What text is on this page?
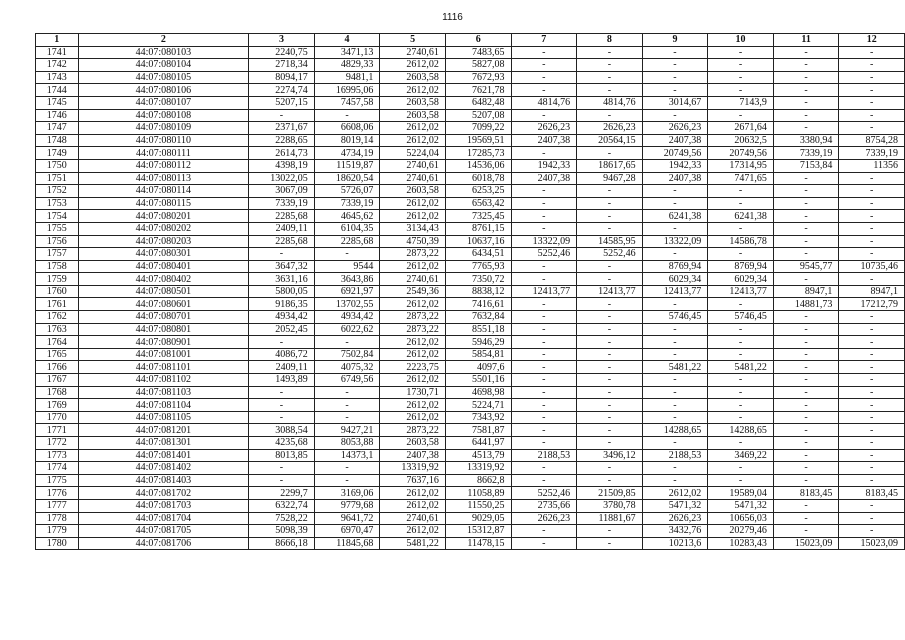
1116
1	2	3	4	5	6	7	8	9	10	11	12
1741	44:07:080103	2240,75	3471,13	2740,61	7483,65	-	-	-	-	-	-
1742	44:07:080104	2718,34	4829,33	2612,02	5827,08	-	-	-	-	-	-
1743	44:07:080105	8094,17	9481,1	2603,58	7672,93	-	-	-	-	-	-
1744	44:07:080106	2274,74	16995,06	2612,02	7621,78	-	-	-	-	-	-
1745	44:07:080107	5207,15	7457,58	2603,58	6482,48	4814,76	4814,76	3014,67	7143,9	-	-
1746	44:07:080108	-	-	2603,58	5207,08	-	-	-	-	-	-
1747	44:07:080109	2371,67	6608,06	2612,02	7099,22	2626,23	2626,23	2626,23	2671,64	-	-
1748	44:07:080110	2288,65	8019,14	2612,02	19569,51	2407,38	20564,15	2407,38	20632,5	3380,94	8754,28
1749	44:07:080111	2614,73	4734,19	5224,04	17285,73	-	-	20749,56	20749,56	7339,19	7339,19
1750	44:07:080112	4398,19	11519,87	2740,61	14536,06	1942,33	18617,65	1942,33	17314,95	7153,84	11356
1751	44:07:080113	13022,05	18620,54	2740,61	6018,78	2407,38	9467,28	2407,38	7471,65	-	-
1752	44:07:080114	3067,09	5726,07	2603,58	6253,25	-	-	-	-	-	-
1753	44:07:080115	7339,19	7339,19	2612,02	6563,42	-	-	-	-	-	-
1754	44:07:080201	2285,68	4645,62	2612,02	7325,45	-	-	6241,38	6241,38	-	-
1755	44:07:080202	2409,11	6104,35	3134,43	8761,15	-	-	-	-	-	-
1756	44:07:080203	2285,68	2285,68	4750,39	10637,16	13322,09	14585,95	13322,09	14586,78	-	-
1757	44:07:080301	-	-	2873,22	6434,51	5252,46	5252,46	-	-	-	-
1758	44:07:080401	3647,32	9544	2612,02	7765,93	-	-	8769,94	8769,94	9545,77	10735,46
1759	44:07:080402	3631,16	3643,86	2740,61	7350,72	-	-	6029,34	6029,34	-	-
1760	44:07:080501	5800,05	6921,97	2549,36	8838,12	12413,77	12413,77	12413,77	12413,77	8947,1	8947,1
1761	44:07:080601	9186,35	13702,55	2612,02	7416,61	-	-	-	-	14881,73	17212,79
1762	44:07:080701	4934,42	4934,42	2873,22	7632,84	-	-	5746,45	5746,45	-	-
1763	44:07:080801	2052,45	6022,62	2873,22	8551,18	-	-	-	-	-	-
1764	44:07:080901	-	-	2612,02	5946,29	-	-	-	-	-	-
1765	44:07:081001	4086,72	7502,84	2612,02	5854,81	-	-	-	-	-	-
1766	44:07:081101	2409,11	4075,32	2223,75	4097,6	-	-	5481,22	5481,22	-	-
1767	44:07:081102	1493,89	6749,56	2612,02	5501,16	-	-	-	-	-	-
1768	44:07:081103	-	-	1730,71	4698,98	-	-	-	-	-	-
1769	44:07:081104	-	-	2612,02	5224,71	-	-	-	-	-	-
1770	44:07:081105	-	-	2612,02	7343,92	-	-	-	-	-	-
1771	44:07:081201	3088,54	9427,21	2873,22	7581,87	-	-	14288,65	14288,65	-	-
1772	44:07:081301	4235,68	8053,88	2603,58	6441,97	-	-	-	-	-	-
1773	44:07:081401	8013,85	14373,1	2407,38	4513,79	2188,53	3496,12	2188,53	3469,22	-	-
1774	44:07:081402	-	-	13319,92	13319,92	-	-	-	-	-	-
1775	44:07:081403	-	-	7637,16	8662,8	-	-	-	-	-	-
1776	44:07:081702	2299,7	3169,06	2612,02	11058,89	5252,46	21509,85	2612,02	19589,04	8183,45	8183,45
1777	44:07:081703	6322,74	9779,68	2612,02	11550,25	2735,66	3780,78	5471,32	5471,32	-	-
1778	44:07:081704	7528,22	9641,72	2740,61	9029,05	2626,23	11881,67	2626,23	10656,03	-	-
1779	44:07:081705	5098,39	6970,47	2612,02	15312,87	-	-	3432,76	20279,46	-	-
1780	44:07:081706	8666,18	11845,68	5481,22	11478,15	-	-	10213,6	10283,43	15023,09	15023,09
